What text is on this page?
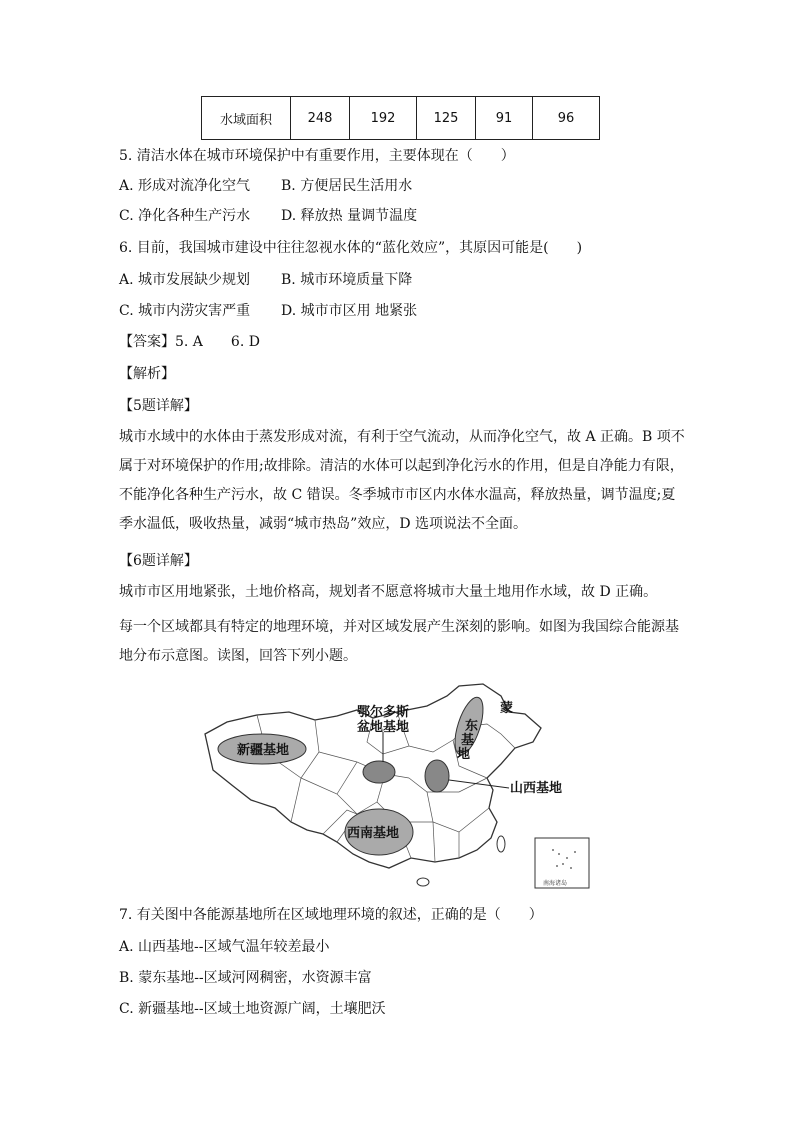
水域面积	248	192	125	91	96
5. 清洁水体在城市环境保护中有重要作用，主要体现在（　　）
A. 形成对流净化空气 B. 方便居民生活用水
C. 净化各种生产污水 D. 释放热 量调节温度
6. 目前，我国城市建设中往往忽视水体的“蓝化效应”，其原因可能是(　　)
A. 城市发展缺少规划 B. 城市环境质量下降
C. 城市内涝灾害严重 D. 城市市区用 地紧张
【答案】5. A　　6. D
【解析】
【5题详解】
城市水域中的水体由于蒸发形成对流，有利于空气流动，从而净化空气，故 A 正确。B 项不
属于对环境保护的作用;故排除。清洁的水体可以起到净化污水的作用，但是自净能力有限，
不能净化各种生产污水，故 C 错误。冬季城市市区内水体水温高，释放热量，调节温度;夏
季水温低，吸收热量，减弱“城市热岛”效应，D 选项说法不全面。
【6题详解】
城市市区用地紧张，土地价格高，规划者不愿意将城市大量土地用作水域，故 D 正确。
每一个区域都具有特定的地理环境，并对区域发展产生深刻的影响。如图为我国综合能源基
地分布示意图。读图，回答下列小题。
新疆基地
鄂尔多斯
盆地基地
蒙
东
基
地
山西基地
西南基地
南海诸岛
7. 有关图中各能源基地所在区域地理环境的叙述，正确的是（　　）
A. 山西基地--区域气温年较差最小
B. 蒙东基地--区域河网稠密，水资源丰富
C. 新疆基地--区域土地资源广阔，土壤肥沃
